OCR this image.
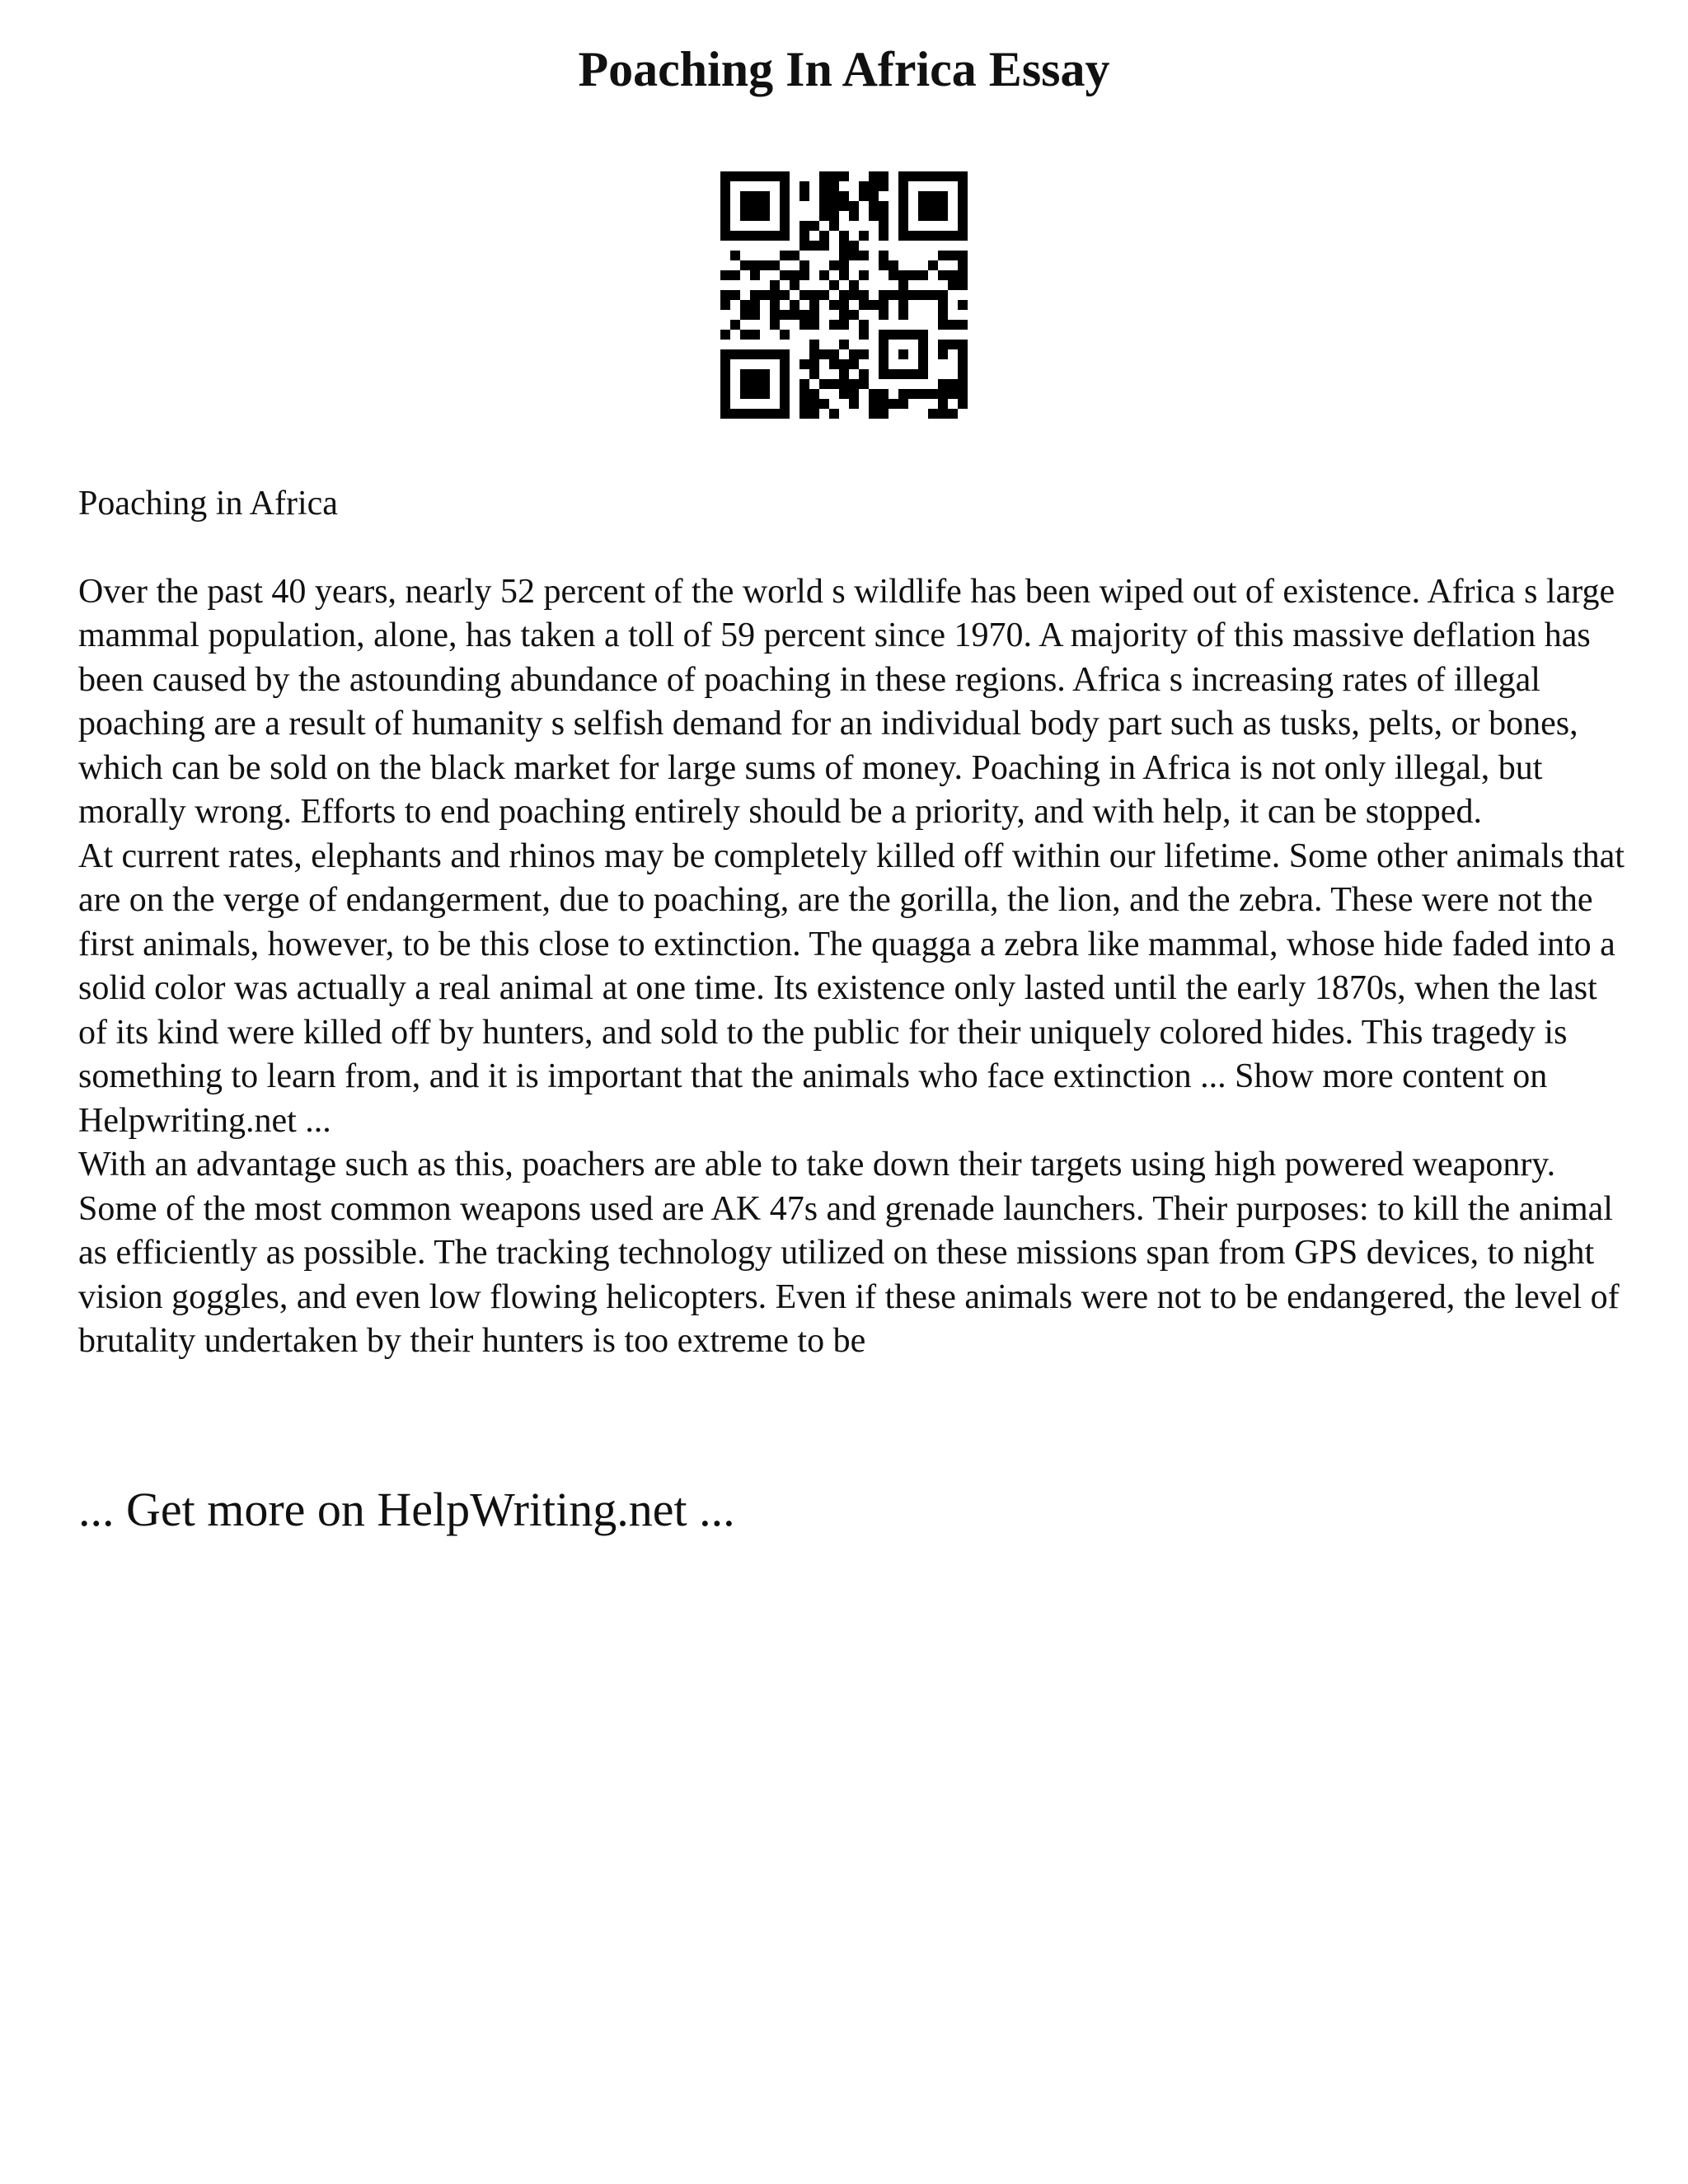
Poaching In Africa Essay

Poaching in Africa

Over the past 40 years, nearly 52 percent of the world s wildlife has been wiped out of existence. Africa s large mammal population, alone, has taken a toll of 59 percent since 1970. A majority of this massive deflation has been caused by the astounding abundance of poaching in these regions. Africa s increasing rates of illegal poaching are a result of humanity s selfish demand for an individual body part such as tusks, pelts, or bones, which can be sold on the black market for large sums of money. Poaching in Africa is not only illegal, but morally wrong. Efforts to end poaching entirely should be a priority, and with help, it can be stopped.

At current rates, elephants and rhinos may be completely killed off within our lifetime. Some other animals that are on the verge of endangerment, due to poaching, are the gorilla, the lion, and the zebra. These were not the first animals, however, to be this close to extinction. The quagga a zebra like mammal, whose hide faded into a solid color was actually a real animal at one time. Its existence only lasted until the early 1870s, when the last of its kind were killed off by hunters, and sold to the public for their uniquely colored hides. This tragedy is something to learn from, and it is important that the animals who face extinction ... Show more content on Helpwriting.net ...

With an advantage such as this, poachers are able to take down their targets using high powered weaponry. Some of the most common weapons used are AK 47s and grenade launchers. Their purposes: to kill the animal as efficiently as possible. The tracking technology utilized on these missions span from GPS devices, to night vision goggles, and even low flowing helicopters. Even if these animals were not to be endangered, the level of brutality undertaken by their hunters is too extreme to be

... Get more on HelpWriting.net ...
